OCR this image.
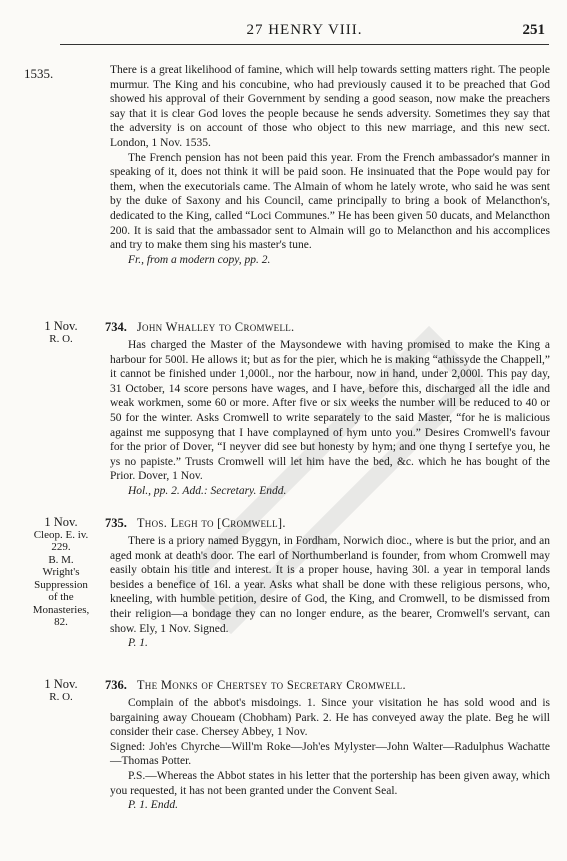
27 HENRY VIII.	251
1535.	There is a great likelihood of famine, which will help towards setting matters right. The people murmur. The King and his concubine, who had previously caused it to be preached that God showed his approval of their Government by sending a good season, now make the preachers say that it is clear God loves the people because he sends adversity. Sometimes they say that the adversity is on account of those who object to this new marriage, and this new sect. London, 1 Nov. 1535.

The French pension has not been paid this year. From the French ambassador's manner in speaking of it, does not think it will be paid soon. He insinuated that the Pope would pay for them, when the executorials came. The Almain of whom he lately wrote, who said he was sent by the duke of Saxony and his Council, came principally to bring a book of Melancthon's, dedicated to the King, called “Loci Communes.” He has been given 50 ducats, and Melancthon 200. It is said that the ambassador sent to Almain will go to Melancthon and his accomplices and try to make them sing his master's tune.

Fr., from a modern copy, pp. 2.

1 Nov.
R. O.
734. John Whalley to Cromwell.

Has charged the Master of the Maysondewe with having promised to make the King a harbour for 500l. He allows it; but as for the pier, which he is making “athissyde the Chappell,” it cannot be finished under 1,000l., nor the harbour, now in hand, under 2,000l. This pay day, 31 October, 14 score persons have wages, and I have, before this, discharged all the idle and weak workmen, some 60 or more. After five or six weeks the number will be reduced to 40 or 50 for the winter. Asks Cromwell to write separately to the said Master, “for he is malicious against me supposyng that I have complayned of hym unto you.” Desires Cromwell's favour for the prior of Dover, “I neyver did see but honesty by hym; and one thyng I sertefye you, he ys no papiste.” Trusts Cromwell will let him have the bed, &c. which he has bought of the Prior. Dover, 1 Nov.

Hol., pp. 2. Add.: Secretary. Endd.

1 Nov.
Cleop. E. iv.
229.
B. M.
Wright's
Suppression
of the
Monasteries,
82.
735. Thos. Legh to [Cromwell].

There is a priory named Byggyn, in Fordham, Norwich dioc., where is but the prior, and an aged monk at death's door. The earl of Northumberland is founder, from whom Cromwell may easily obtain his title and interest. It is a proper house, having 30l. a year in temporal lands besides a benefice of 16l. a year. Asks what shall be done with these religious persons, who, kneeling, with humble petition, desire of God, the King, and Cromwell, to be dismissed from their religion—a bondage they can no longer endure, as the bearer, Cromwell's servant, can show. Ely, 1 Nov. Signed.

P. 1.

1 Nov.
R. O.
736. The Monks of Chertsey to Secretary Cromwell.

Complain of the abbot's misdoings. 1. Since your visitation he has sold wood and is bargaining away Choueam (Chobham) Park. 2. He has conveyed away the plate. Beg he will consider their case. Chersey Abbey, 1 Nov.

Signed: Joh'es Chyrche—Will'm Roke—Joh'es Mylyster—John Walter—Radulphus Wachatte—Thomas Potter.

P.S.—Whereas the Abbot states in his letter that the portership has been given away, which you requested, it has not been granted under the Convent Seal.

P. 1. Endd.
